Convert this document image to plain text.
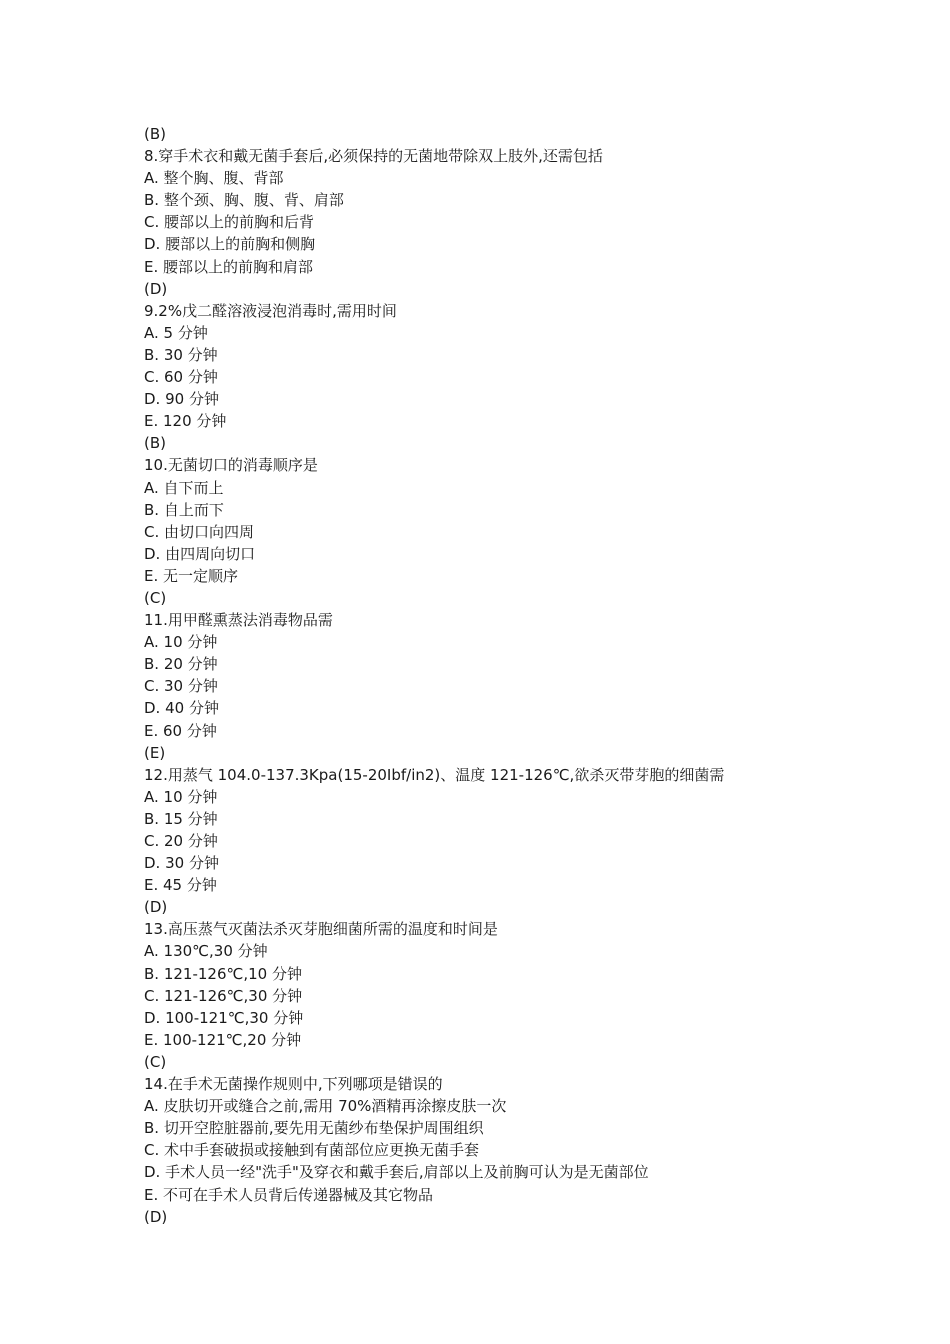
(B)
8.穿手术衣和戴无菌手套后,必须保持的无菌地带除双上肢外,还需包括
A. 整个胸、腹、背部
B. 整个颈、胸、腹、背、肩部
C. 腰部以上的前胸和后背
D. 腰部以上的前胸和侧胸
E. 腰部以上的前胸和肩部
(D)
9.2%戊二醛溶液浸泡消毒时,需用时间
A. 5 分钟
B. 30 分钟
C. 60 分钟
D. 90 分钟
E. 120 分钟
(B)
10.无菌切口的消毒顺序是
A. 自下而上
B. 自上而下
C. 由切口向四周
D. 由四周向切口
E. 无一定顺序
(C)
11.用甲醛熏蒸法消毒物品需
A. 10 分钟
B. 20 分钟
C. 30 分钟
D. 40 分钟
E. 60 分钟
(E)
12.用蒸气 104.0-137.3Kpa(15-20Ibf/in2)、温度 121-126℃,欲杀灭带芽胞的细菌需
A. 10 分钟
B. 15 分钟
C. 20 分钟
D. 30 分钟
E. 45 分钟
(D)
13.高压蒸气灭菌法杀灭芽胞细菌所需的温度和时间是
A. 130℃,30 分钟
B. 121-126℃,10 分钟
C. 121-126℃,30 分钟
D. 100-121℃,30 分钟
E. 100-121℃,20 分钟
(C)
14.在手术无菌操作规则中,下列哪项是错误的
A. 皮肤切开或缝合之前,需用 70%酒精再涂擦皮肤一次
B. 切开空腔脏器前,要先用无菌纱布垫保护周围组织
C. 术中手套破损或接触到有菌部位应更换无菌手套
D. 手术人员一经"洗手"及穿衣和戴手套后,肩部以上及前胸可认为是无菌部位
E. 不可在手术人员背后传递器械及其它物品
(D)
